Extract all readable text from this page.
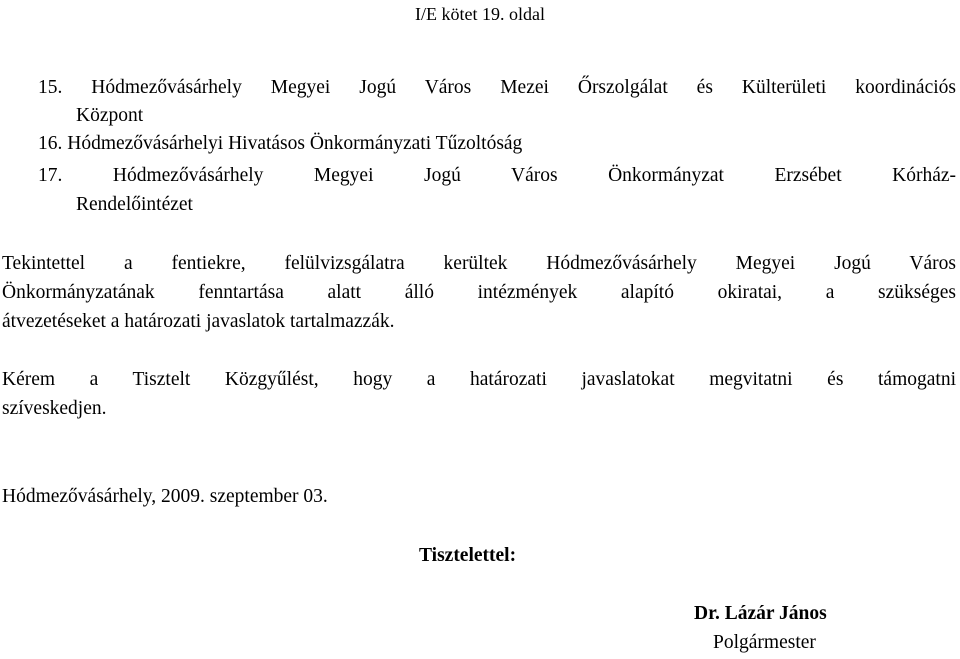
I/E kötet 19. oldal
15. Hódmezővásárhely Megyei Jogú Város Mezei Őrszolgálat és Külterületi koordinációs
Központ
16. Hódmezővásárhelyi Hivatásos Önkormányzati Tűzoltóság
17. Hódmezővásárhely Megyei Jogú Város Önkormányzat Erzsébet Kórház-
Rendelőintézet
Tekintettel a fentiekre, felülvizsgálatra kerültek Hódmezővásárhely Megyei Jogú Város
Önkormányzatának fenntartása alatt álló intézmények alapító okiratai, a szükséges
átvezetéseket a határozati javaslatok tartalmazzák.
Kérem a Tisztelt Közgyűlést, hogy a határozati javaslatokat megvitatni és támogatni
szíveskedjen.
Hódmezővásárhely, 2009. szeptember 03.
Tisztelettel:
Dr. Lázár János
Polgármester
